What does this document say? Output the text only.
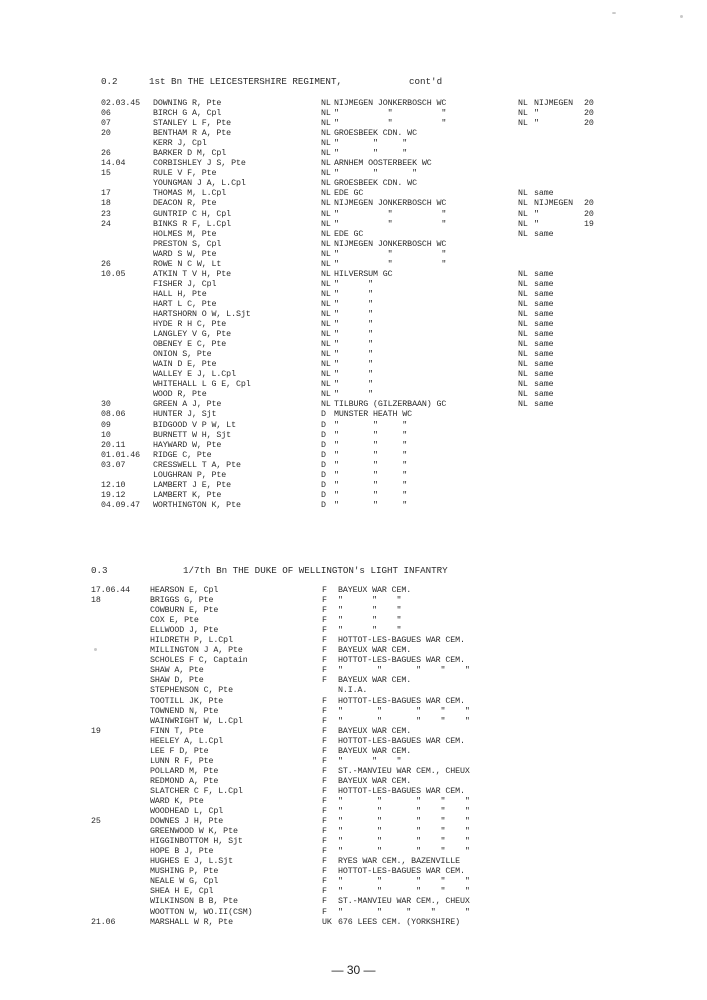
0.2	1st Bn THE LEICESTERSHIRE REGIMENT,	cont'd
02.03.45	DOWNING R, Pte	NL NIJMEGEN JONKERBOSCH WC	NL NIJMEGEN	20
06	BIRCH G A, Cpl	NL "          "          "	NL "	20
07	STANLEY L F, Pte	NL "          "          "	NL "	20
20	BENTHAM R A, Pte	NL GROESBEEK CDN. WC
KERR J, Cpl	NL "       "     "
26	BARKER D M, Cpl	NL "       "     "
14.04	CORBISHLEY J S, Pte	NL ARNHEM OOSTERBEEK WC
15	RULE V F, Pte	NL "       "       "
YOUNGMAN J A, L.Cpl	NL GROESBEEK CDN. WC
17	THOMAS M, L.Cpl	NL EDE GC	NL same
18	DEACON R, Pte	NL NIJMEGEN JONKERBOSCH WC	NL NIJMEGEN	20
23	GUNTRIP C H, Cpl	NL "          "          "	NL "	20
24	BINKS R F, L.Cpl	NL "          "          "	NL "	19
HOLMES M, Pte	NL EDE GC	NL same
PRESTON S, Cpl	NL NIJMEGEN JONKERBOSCH WC
WARD S W, Pte	NL "          "          "
26	ROWE N C W, Lt	NL "          "          "
10.05	ATKIN T V H, Pte	NL HILVERSUM GC	NL same
FISHER J, Cpl	NL "      "	NL same
HALL H, Pte	NL "      "	NL same
HART L C, Pte	NL "      "	NL same
HARTSHORN O W, L.Sjt	NL "      "	NL same
HYDE R H C, Pte	NL "      "	NL same
LANGLEY V G, Pte	NL "      "	NL same
OBENEY E C, Pte	NL "      "	NL same
ONION S, Pte	NL "      "	NL same
WAIN D E, Pte	NL "      "	NL same
WALLEY E J, L.Cpl	NL "      "	NL same
WHITEHALL L G E, Cpl	NL "      "	NL same
WOOD R, Pte	NL "      "	NL same
30	GREEN A J, Pte	NL TILBURG (GILZERBAAN) GC	NL same
08.06	HUNTER J, Sjt	D MUNSTER HEATH WC
09	BIDGOOD V P W, Lt	D "       "     "
10	BURNETT W H, Sjt	D "       "     "
20.11	HAYWARD W, Pte	D "       "     "
01.01.46	RIDGE C, Pte	D "       "     "
03.07	CRESSWELL T A, Pte	D "       "     "
LOUGHRAN P, Pte	D "       "     "
12.10	LAMBERT J E, Pte	D "       "     "
19.12	LAMBERT K, Pte	D "       "     "
04.09.47	WORTHINGTON K, Pte	D "       "     "
0.3	1/7th Bn THE DUKE OF WELLINGTON's LIGHT INFANTRY
17.06.44	HEARSON E, Cpl	F	BAYEUX WAR CEM.
18	BRIGGS G, Pte	F	"      "    "
COWBURN E, Pte	F	"      "    "
COX E, Pte	F	"      "    "
ELLWOOD J, Pte	F	"      "    "
HILDRETH P, L.Cpl	F	HOTTOT-LES-BAGUES WAR CEM.
MILLINGTON J A, Pte	F	BAYEUX WAR CEM.
SCHOLES F C, Captain	F	HOTTOT-LES-BAGUES WAR CEM.
SHAW A, Pte	F	"       "       "    "    "
SHAW D, Pte	F	BAYEUX WAR CEM.
STEPHENSON C, Pte	N.I.A.
TOOTILL JK, Pte	F	HOTTOT-LES-BAGUES WAR CEM.
TOWNEND N, Pte	F	"       "       "    "    "
WAINWRIGHT W, L.Cpl	F	"       "       "    "    "
19	FINN T, Pte	F	BAYEUX WAR CEM.
HEELEY A, L.Cpl	F	HOTTOT-LES-BAGUES WAR CEM.
LEE F D, Pte	F	BAYEUX WAR CEM.
LUNN R F, Pte	F	"      "    "
POLLARD M, Pte	F	ST.-MANVIEU WAR CEM., CHEUX
REDMOND A, Pte	F	BAYEUX WAR CEM.
SLATCHER C F, L.Cpl	F	HOTTOT-LES-BAGUES WAR CEM.
WARD K, Pte	F	"       "       "    "    "
WOODHEAD L, Cpl	F	"       "       "    "    "
25	DOWNES J H, Pte	F	"       "       "    "    "
GREENWOOD W K, Pte	F	"       "       "    "    "
HIGGINBOTTOM H, Sjt	F	"       "       "    "    "
HOPE B J, Pte	F	"       "       "    "    "
HUGHES E J, L.Sjt	F	RYES WAR CEM., BAZENVILLE
MUSHING P, Pte	F	HOTTOT-LES-BAGUES WAR CEM.
NEALE W G, Cpl	F	"       "       "    "    "
SHEA H E, Cpl	F	"       "       "    "    "
WILKINSON B B, Pte	F	ST.-MANVIEU WAR CEM., CHEUX
WOOTTON W, WO.II(CSM)	F	"       "     "    "      "
21.06	MARSHALL W R, Pte	UK 676 LEES CEM. (YORKSHIRE)
— 30 —
